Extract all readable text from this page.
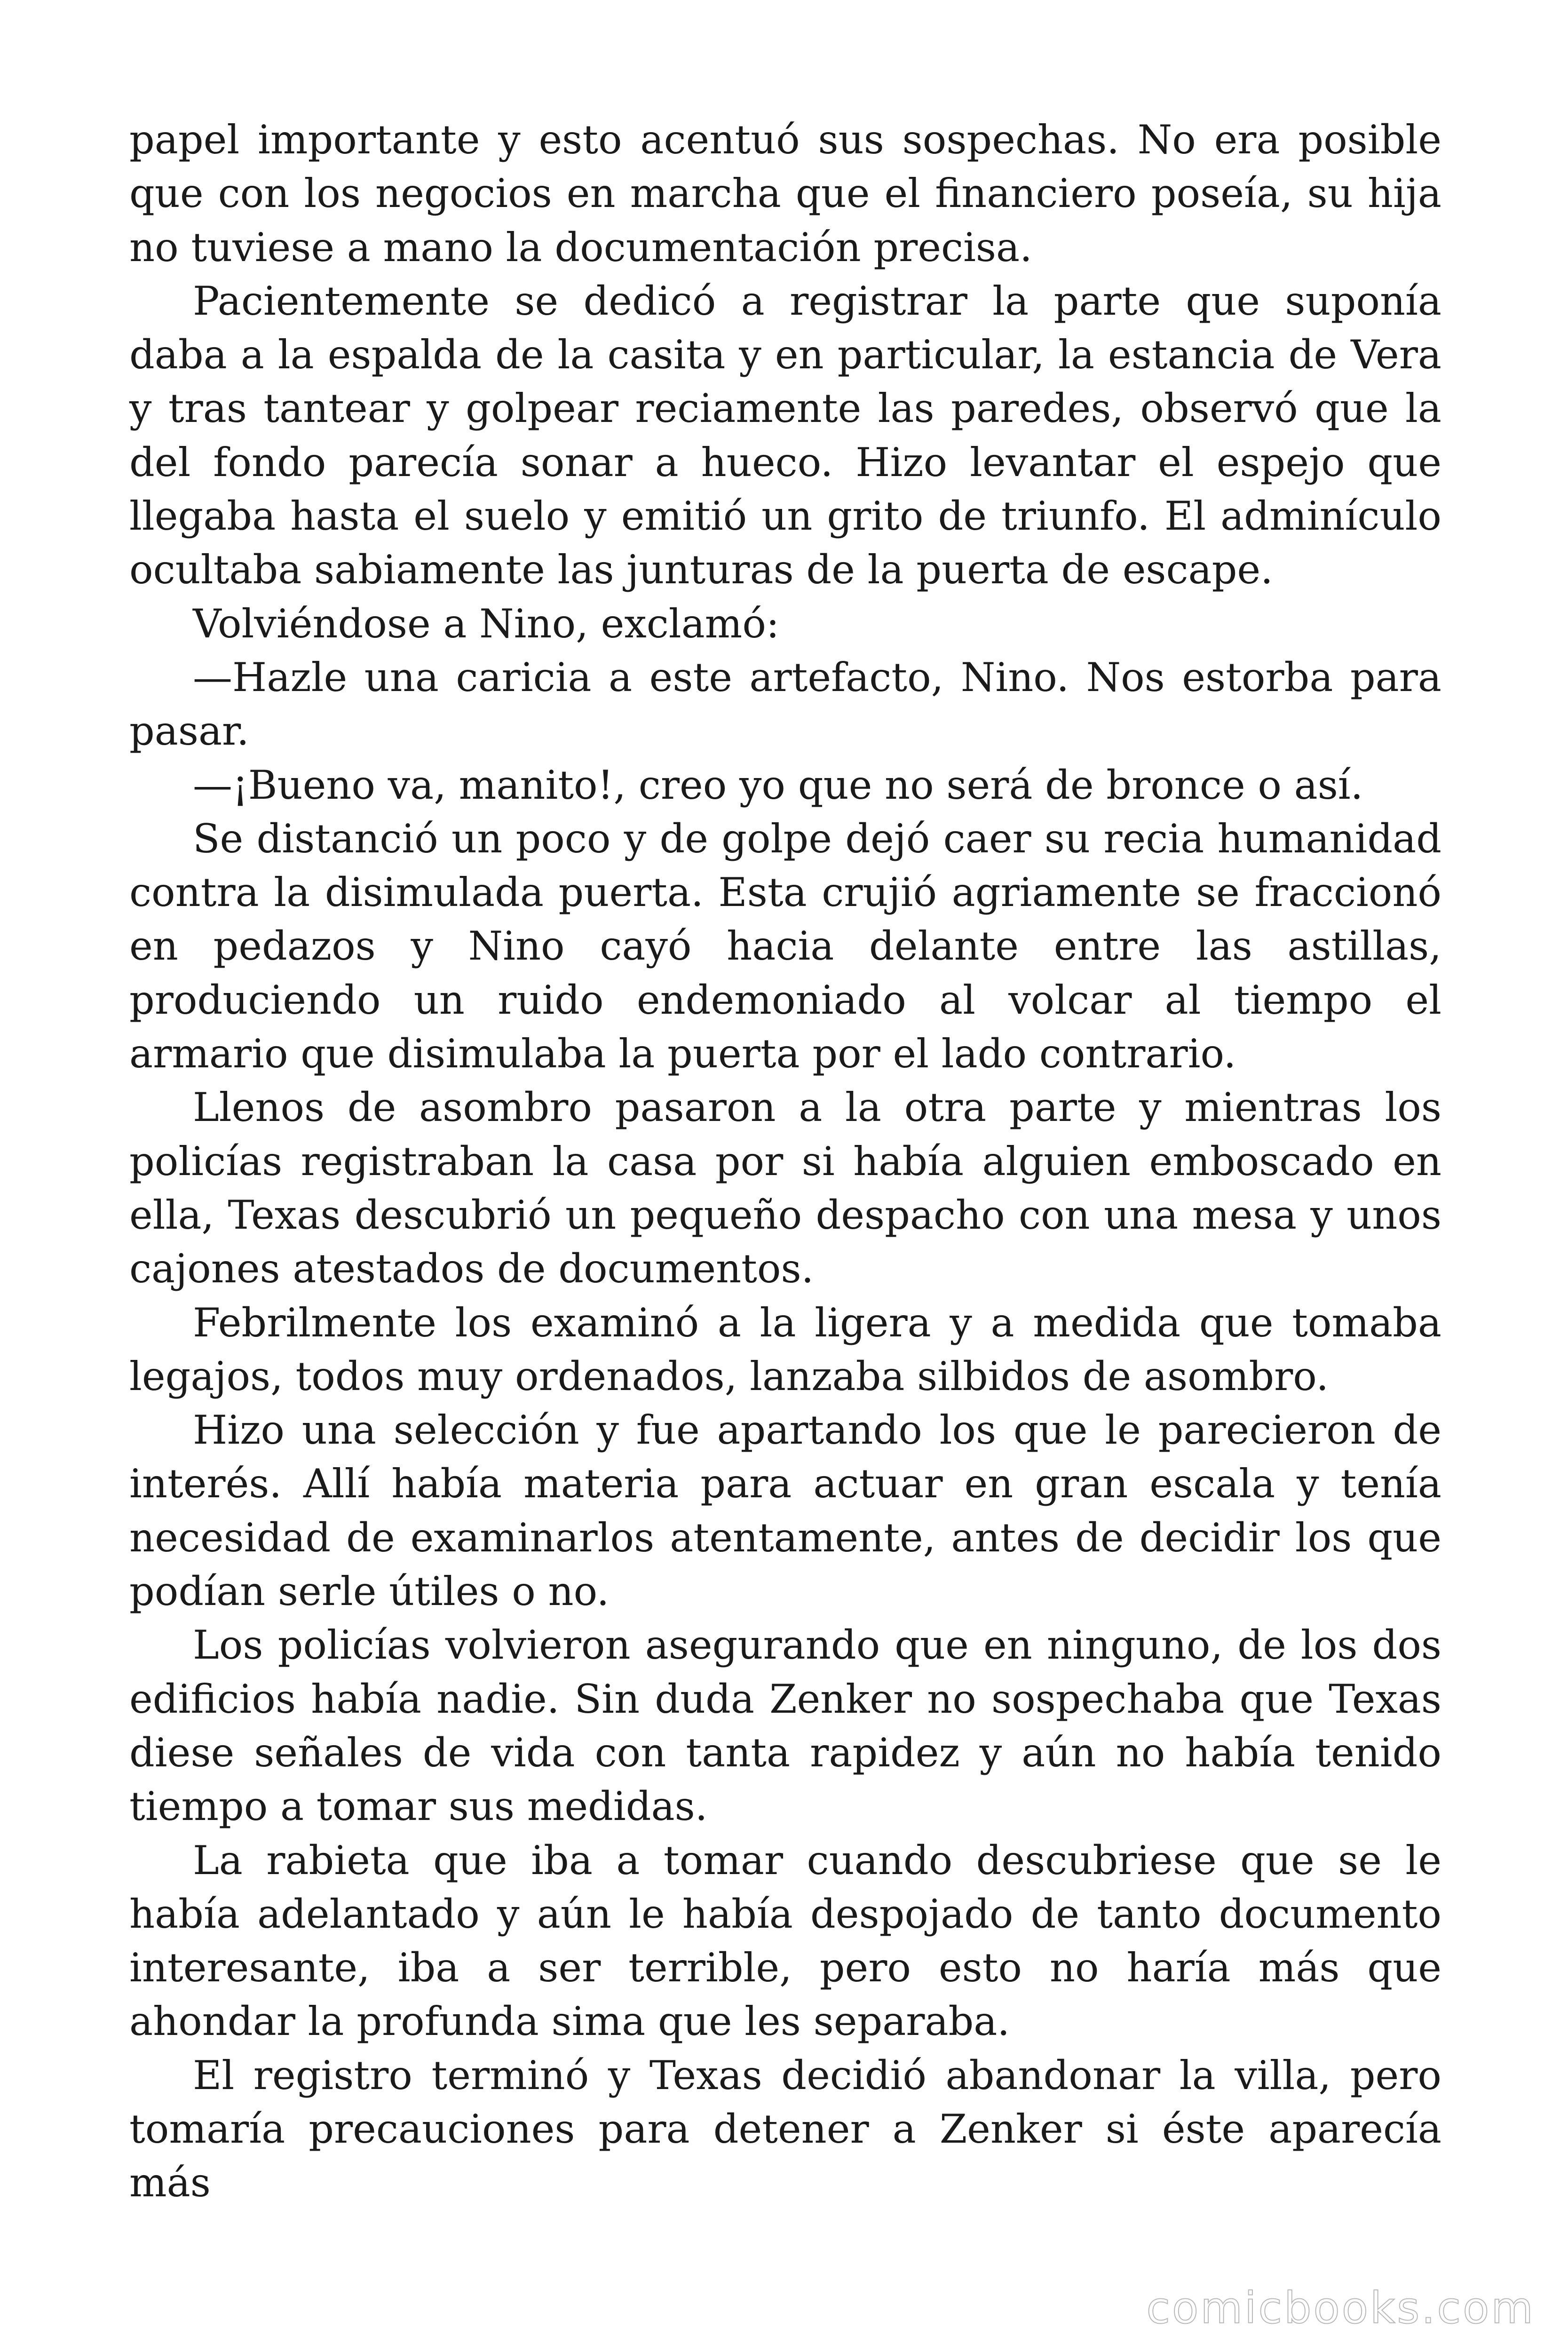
papel importante y esto acentuó sus sospechas. No era posible que con los negocios en marcha que el financiero poseía, su hija no tuviese a mano la documentación precisa.

Pacientemente se dedicó a registrar la parte que suponía daba a la espalda de la casita y en particular, la estancia de Vera y tras tantear y golpear reciamente las paredes, observó que la del fondo parecía sonar a hueco. Hizo levantar el espejo que llegaba hasta el suelo y emitió un grito de triunfo. El adminículo ocultaba sabiamente las junturas de la puerta de escape.

Volviéndose a Nino, exclamó:

—Hazle una caricia a este artefacto, Nino. Nos estorba para pasar.

—¡Bueno va, manito!, creo yo que no será de bronce o así.

Se distanció un poco y de golpe dejó caer su recia humanidad contra la disimulada puerta. Esta crujió agriamente se fraccionó en pedazos y Nino cayó hacia delante entre las astillas, produciendo un ruido endemoniado al volcar al tiempo el armario que disimulaba la puerta por el lado contrario.

Llenos de asombro pasaron a la otra parte y mientras los policías registraban la casa por si había alguien emboscado en ella, Texas descubrió un pequeño despacho con una mesa y unos cajones atestados de documentos.

Febrilmente los examinó a la ligera y a medida que tomaba legajos, todos muy ordenados, lanzaba silbidos de asombro.

Hizo una selección y fue apartando los que le parecieron de interés. Allí había materia para actuar en gran escala y tenía necesidad de examinarlos atentamente, antes de decidir los que podían serle útiles o no.

Los policías volvieron asegurando que en ninguno, de los dos edificios había nadie. Sin duda Zenker no sospechaba que Texas diese señales de vida con tanta rapidez y aún no había tenido tiempo a tomar sus medidas.

La rabieta que iba a tomar cuando descubriese que se le había adelantado y aún le había despojado de tanto documento interesante, iba a ser terrible, pero esto no haría más que ahondar la profunda sima que les separaba.

El registro terminó y Texas decidió abandonar la villa, pero tomaría precauciones para detener a Zenker si éste aparecía más

comicbooks.com
